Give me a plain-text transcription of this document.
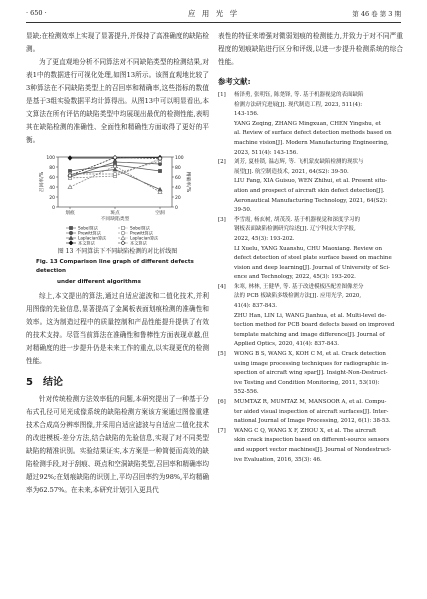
· 650 ·	应 用 光 学	第 46 卷 第 3 期

显缺;在检测效率上实现了显著提升,并保持了高准确度的缺陷检测。

为了更直观地分析不同算法对不同缺陷类型的检测结果,对表1中的数据进行可视化处理,如图13所示。该图直观地比较了3种算法在不同缺陷类型上的召回率和精确率,这些指标的数值是基于3组实验数据平均计算得出。从图13中可以明显看出,本文算法在所有评估的缺陷类型中均展现出最优的检测性能,表明其在缺陷检测的准确性、全面性和精确性方面取得了更好的平衡。

0
20
40
60
80
100
0
20
40
60
80
100
划痕	斑点	空洞
不同缺陷类型
召回率/%	精确率/%
Sobel算法
Prewitt算法
Laplacian算法
本文算法
Sobel算法
Prewitt算法
Laplacian算法
本文算法
图 13 不同算法下不同缺陷检测的对比折线图
Fig. 13 Comparison line graph of different defects detection
under different algorithms

综上,本文提出的算法,通过自适应滤波和二值化技术,并利用图像的先验信息,显著提高了金属板表面划痕检测的准确性和效率。这为制造过程中的质量控制和产品性能提升提供了有效的技术支持。尽管当前算法在准确性和鲁棒性方面表现卓越,但对精确度的进一步提升仍是未来工作的重点,以实现更优的检测性能。

5 结论

针对传统检测方法效率低的问题,本研究提出了一种基于分布式孔径可见光成像系统的缺陷检测方案该方案通过图像重建技术合成高分辨率图像,并采用自适应滤波与自适应二值化技术的改进模板-差分方法,结合缺陷的先验信息,实现了对不同类型缺陷的精准识别。实验结果证实,本方案是一种简便而高效的缺陷检测手段,对于刮痕、斑点和空洞缺陷类型,召回率和精确率均超过92%;在划痕缺陷的识别上,平均召回率约为98%,平均精确率为62.57%。在未来,本研究计划引入更具代

表性的特征来增强对微弱划痕的检测能力,并致力于对不同严重程度的划痕缺陷进行区分和评级,以进一步提升检测系统的综合性能。

参考文献:
[1]	杨泽勇, 张明钰, 陈尧锋, 等. 基于机器视觉的表面缺陷
检测方法研究进展[J]. 现代制造工程, 2023, 511(4):
143-156.
YANG Zeqing, ZHANG Mingxuan, CHEN Yingshu, et
al. Review of surface defect detection methods based on
machine vision[J]. Modern Manufacturing Engineering,
2023, 511(4): 143-156.
[2]	刘芳, 夏桂锁, 温志辉, 等. 飞机蒙皮缺陷检测的现状与
展望[J]. 航空制造技术, 2021, 64(S2): 39-50.
LIU Fang, XIA Guisuo, WEN Zhihui, et al. Present situ-
ation and prospect of aircraft skin defect detection[J].
Aeronautical Manufacturing Technology, 2021, 64(S2):
39-50.
[3]	李雪霞, 杨玄树, 胡茂茂. 基于机器视觉和深度学习的
钢板表面缺陷检测研究综述[J]. 辽宁科技大学学报,
2022, 45(3): 193-202.
LI Xuelu, YANG Xuanshu, CHU Maoxiang. Review on
defect detection of steel plate surface based on machine
vision and deep learning[J]. Journal of University of Sci-
ence and Technology, 2022, 45(3): 193-202.
[4]	朱寒, 林林, 王健华, 等. 基于改进模板匹配差图像差分
法的 PCB 板缺陷多级检测方法[J]. 应用光学, 2020,
41(4): 837-843.
ZHU Han, LIN Li, WANG Jianhua, et al. Multi-level de-
tection method for PCB board defects based on improved
template matching and image difference[J]. Journal of
Applied Optics, 2020, 41(4): 837-843.
[5]	WONG B S, WANG X, KOH C M, et al. Crack detection
using image processing techniques for radiographic in-
spection of aircraft wing spar[J]. Insight-Non-Destruct-
ive Testing and Condition Monitoring, 2011, 53(10):
552-556.
[6]	MUMTAZ R, MUMTAZ M, MANSOOR A, et al. Compu-
ter aided visual inspection of aircraft surfaces[J]. Inter-
national Journal of Image Processing, 2012, 6(1): 38-53.
[7]	WANG C Q, WANG X F, ZHOU X, et al. The aircraft
skin crack inspection based on different-source sensors
and support vector machines[J]. Journal of Nondestruct-
ive Evaluation, 2016, 35(3): 46.
